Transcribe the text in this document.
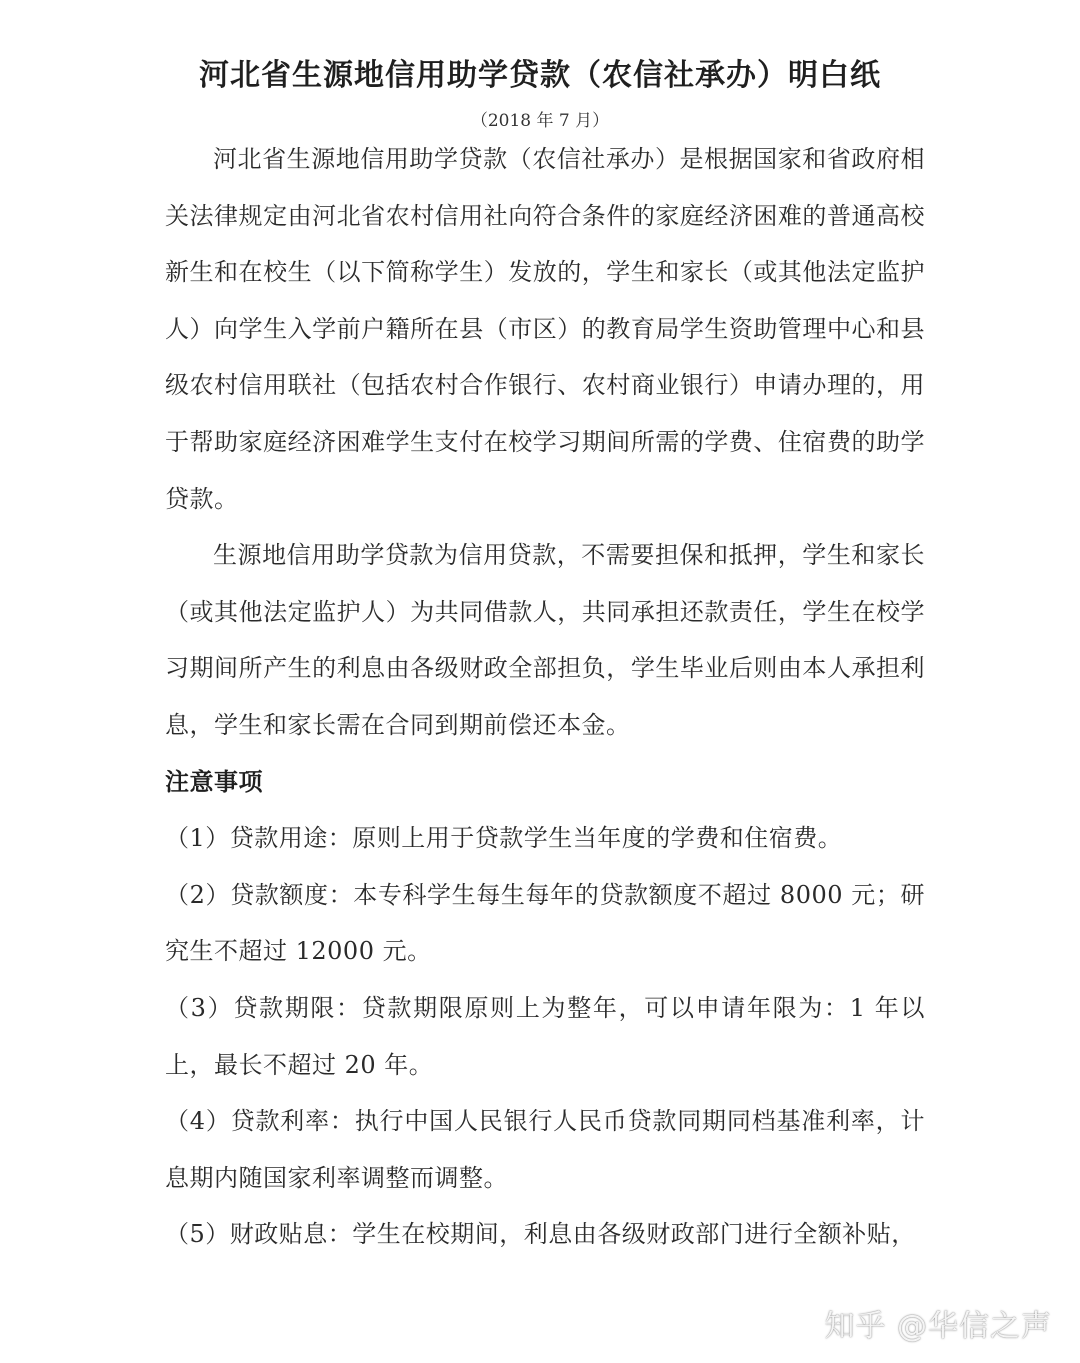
河北省生源地信用助学贷款（农信社承办）明白纸
（2018 年 7 月）

河北省生源地信用助学贷款（农信社承办）是根据国家和省政府相关法律规定由河北省农村信用社向符合条件的家庭经济困难的普通高校新生和在校生（以下简称学生）发放的，学生和家长（或其他法定监护人）向学生入学前户籍所在县（市区）的教育局学生资助管理中心和县级农村信用联社（包括农村合作银行、农村商业银行）申请办理的，用于帮助家庭经济困难学生支付在校学习期间所需的学费、住宿费的助学贷款。

生源地信用助学贷款为信用贷款，不需要担保和抵押，学生和家长（或其他法定监护人）为共同借款人，共同承担还款责任，学生在校学习期间所产生的利息由各级财政全部担负，学生毕业后则由本人承担利息，学生和家长需在合同到期前偿还本金。

注意事项

（1）贷款用途：原则上用于贷款学生当年度的学费和住宿费。

（2）贷款额度：本专科学生每生每年的贷款额度不超过 8000 元；研究生不超过 12000 元。

（3）贷款期限：贷款期限原则上为整年，可以申请年限为：1 年以上，最长不超过 20 年。

（4）贷款利率：执行中国人民银行人民币贷款同期同档基准利率，计息期内随国家利率调整而调整。

（5）财政贴息：学生在校期间，利息由各级财政部门进行全额补贴，

知乎 @华信之声
